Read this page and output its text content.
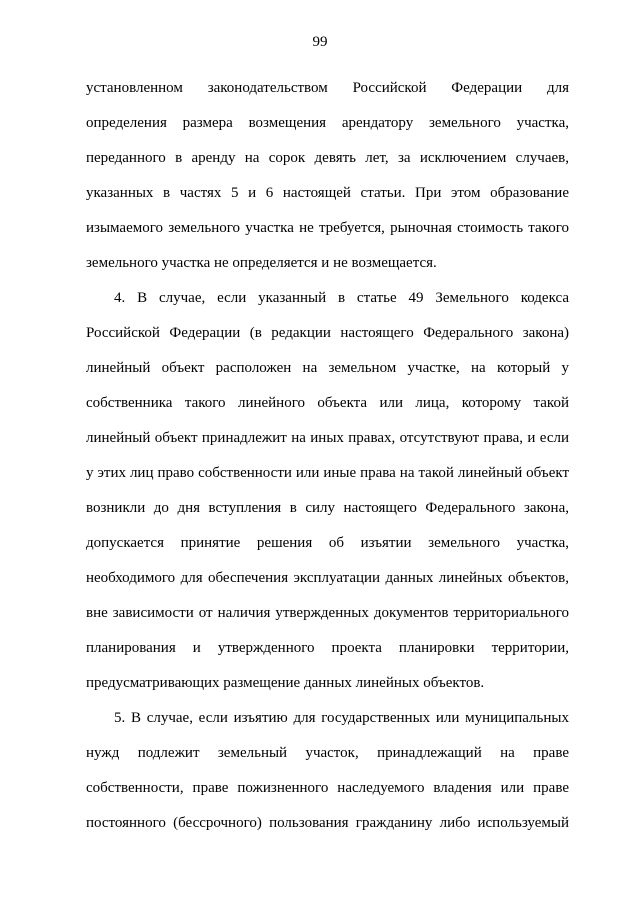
99
установленном законодательством Российской Федерации для
определения размера возмещения арендатору земельного участка,
переданного в аренду на сорок девять лет, за исключением случаев,
указанных в частях 5 и 6 настоящей статьи. При этом образование
изымаемого земельного участка не требуется, рыночная стоимость такого
земельного участка не определяется и не возмещается.
4. В случае, если указанный в статье 49 Земельного кодекса
Российской Федерации (в редакции настоящего Федерального закона)
линейный объект расположен на земельном участке, на который у
собственника такого линейного объекта или лица, которому такой
линейный объект принадлежит на иных правах, отсутствуют права, и если
у этих лиц право собственности или иные права на такой линейный объект
возникли до дня вступления в силу настоящего Федерального закона,
допускается принятие решения об изъятии земельного участка,
необходимого для обеспечения эксплуатации данных линейных объектов,
вне зависимости от наличия утвержденных документов территориального
планирования и утвержденного проекта планировки территории,
предусматривающих размещение данных линейных объектов.
5. В случае, если изъятию для государственных или муниципальных
нужд подлежит земельный участок, принадлежащий на праве
собственности, праве пожизненного наследуемого владения или праве
постоянного (бессрочного) пользования гражданину либо используемый
